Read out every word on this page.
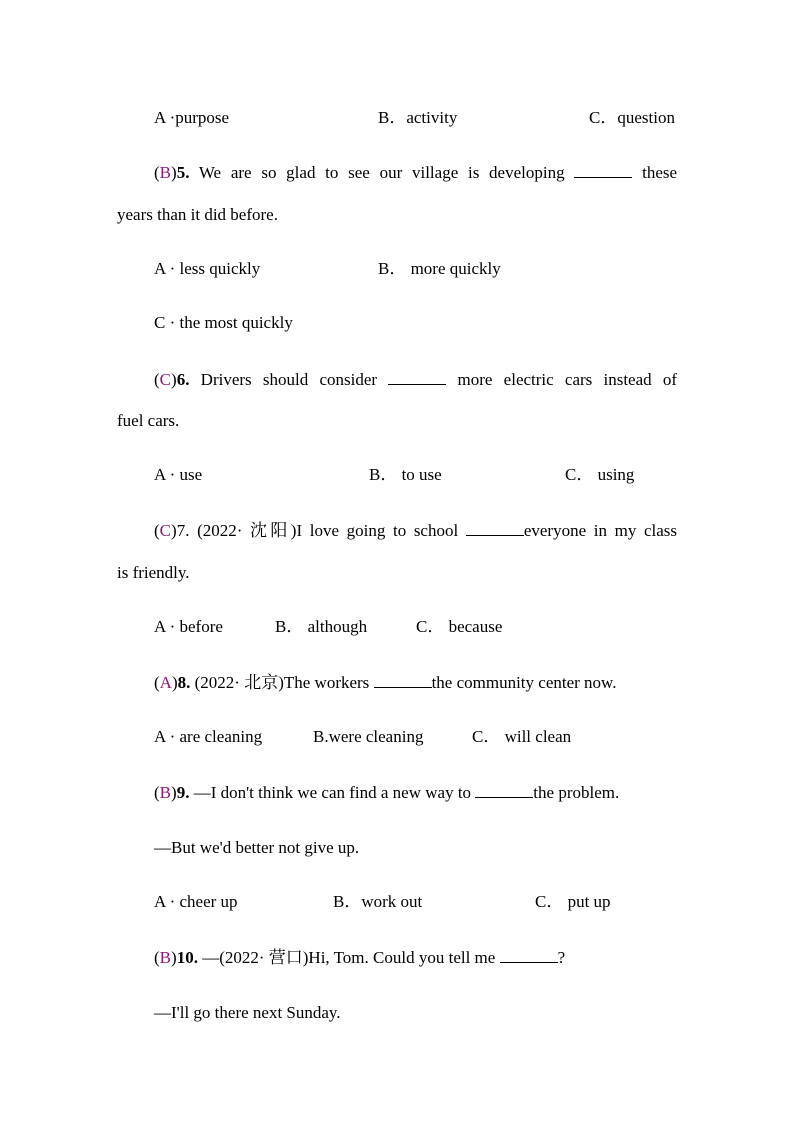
A ·purpose	B．activity	C．question
(B)5. We are so glad to see our village is developing	these
years than it did before.
A · less quickly	B． more quickly
C · the most quickly
(C)6. Drivers should consider	more electric cars instead of
fuel cars.
A · use	B． to use	C． using
(C)7. (2022· 沈阳)I love going to school	everyone in my class
is friendly.
A · before	B． although	C． because
(A)8. (2022· 北京)The workers	the community center now.
A · are cleaning	B.were cleaning	C． will clean
(B)9. —I don't think we can find a new way to	the problem.
—But we'd better not give up.
A · cheer up	B．work out	C． put up
(B)10. —(2022· 营口)Hi, Tom. Could you tell me	?
—I'll go there next Sunday.
